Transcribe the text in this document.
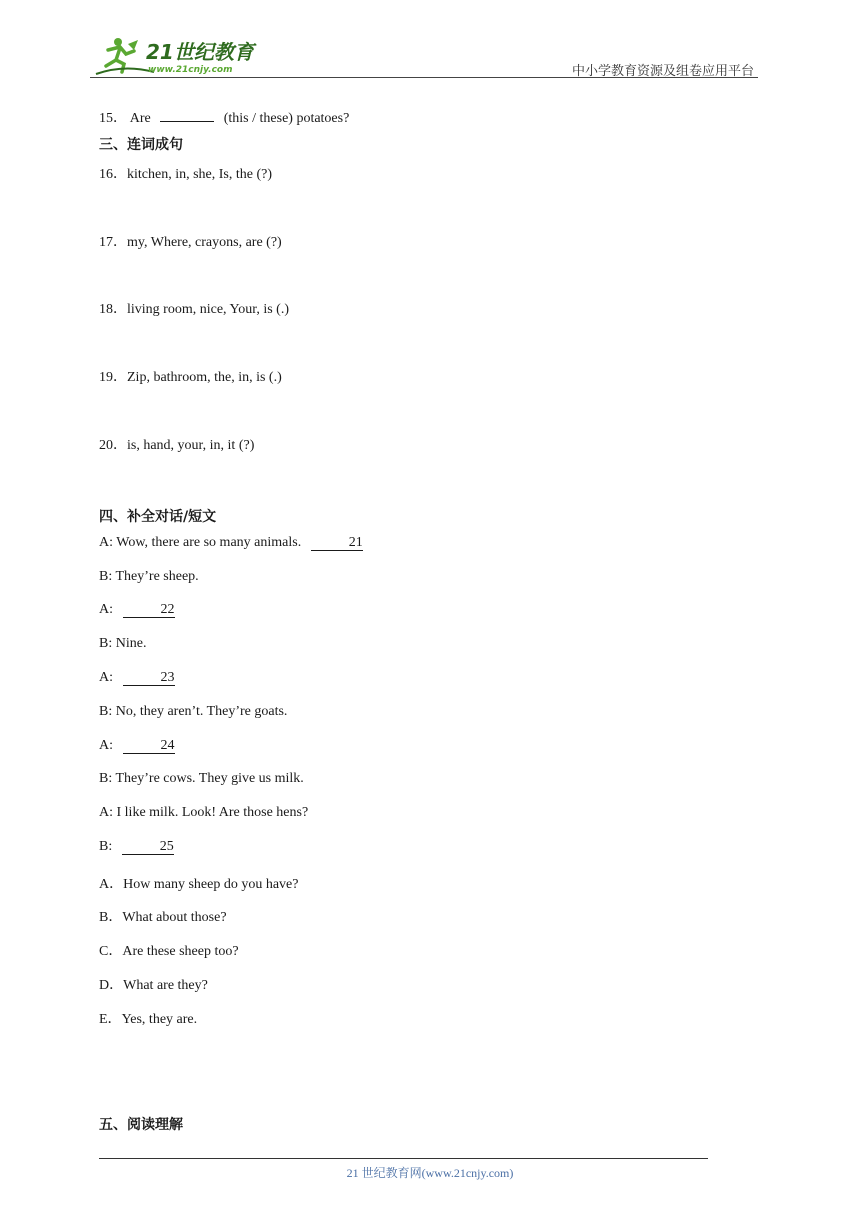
21世纪教育
www.21cnjy.com	中小学教育资源及组卷应用平台
15． Are	(this / these) potatoes?
三、连词成句
16．kitchen, in, she, Is, the (?)
17．my, Where, crayons, are (?)
18．living room, nice, Your, is (.)
19．Zip, bathroom, the, in, is (.)
20．is, hand, your, in, it (?)
四、补全对话/短文
A: Wow, there are so many animals.	21
B: They’re sheep.
A:	22
B: Nine.
A:	23
B: No, they aren’t. They’re goats.
A:	24
B: They’re cows. They give us milk.
A: I like milk. Look! Are those hens?
B:	25
A．How many sheep do you have?
B．What about those?
C．Are these sheep too?
D．What are they?
E．Yes, they are.
五、阅读理解
21 世纪教育网(www.21cnjy.com)
